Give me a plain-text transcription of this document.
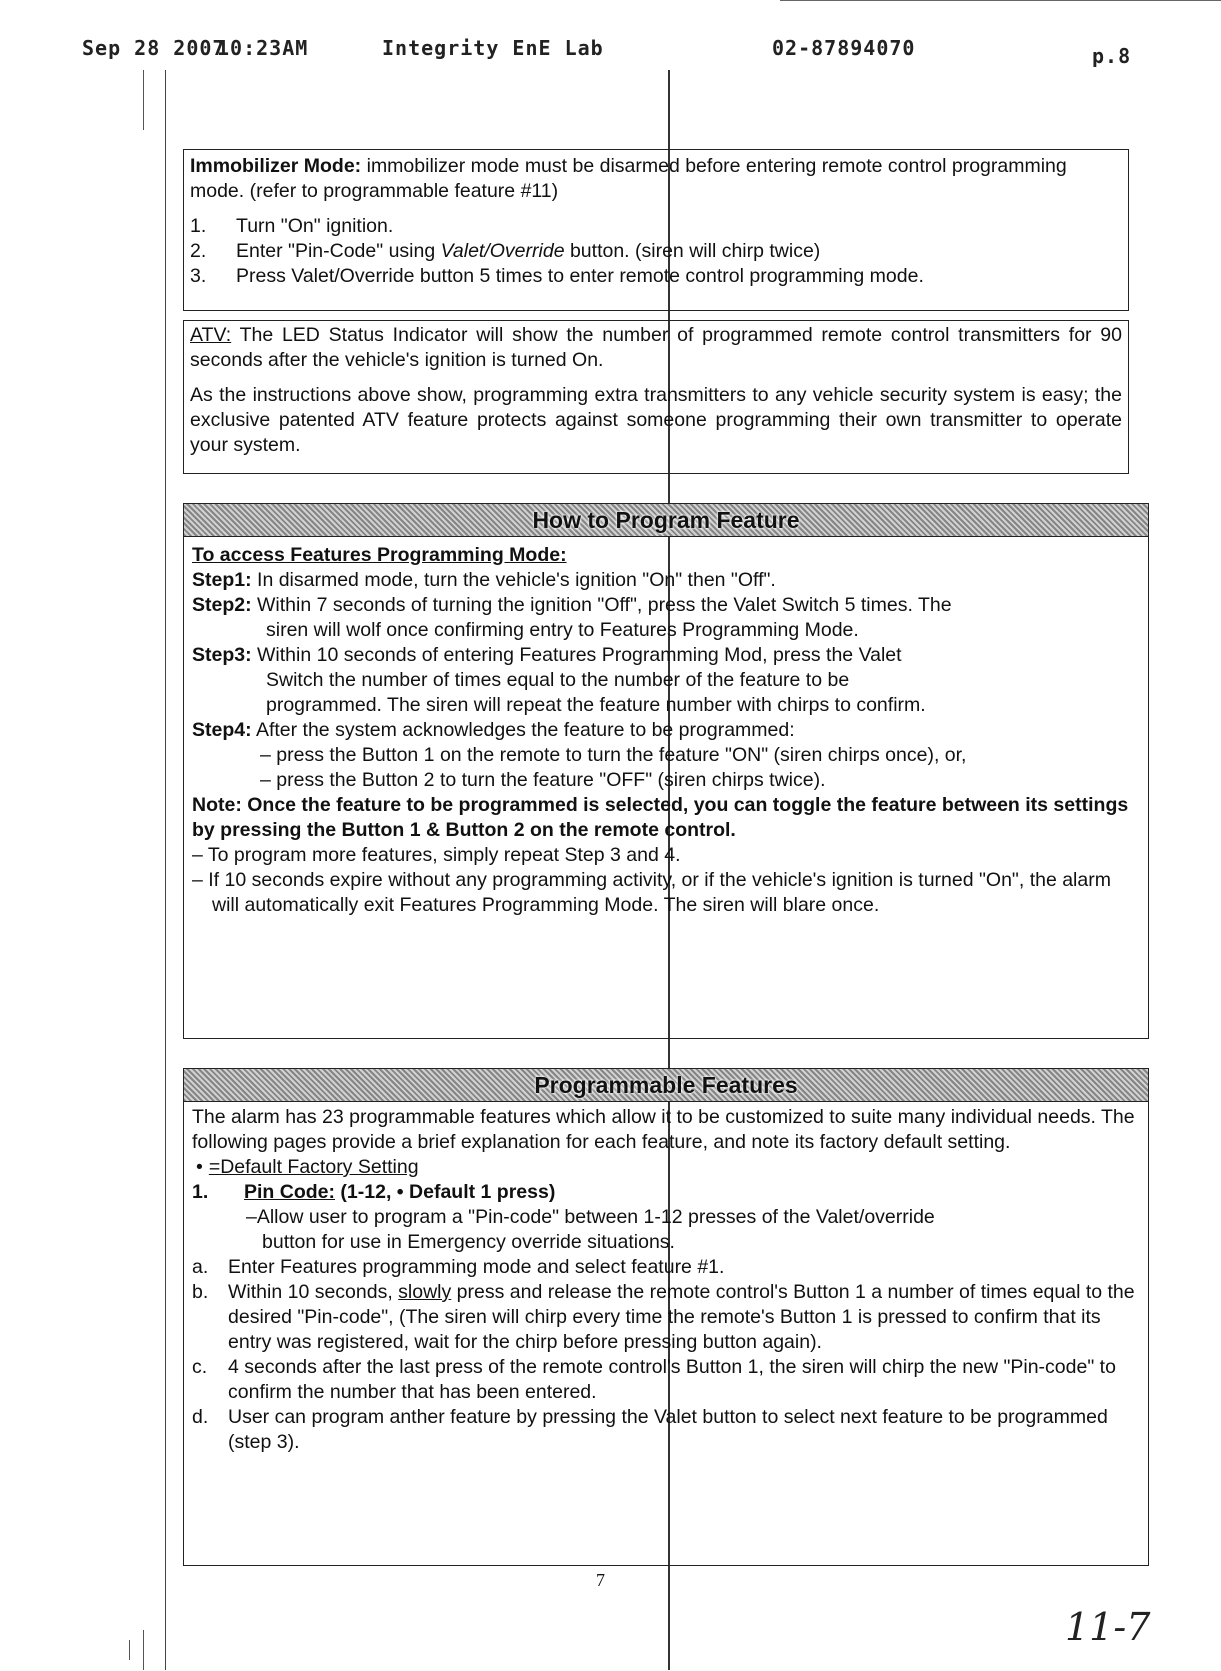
Sep 28 2007
10:23AM	Integrity EnE Lab	02-87894070	p.8

Immobilizer Mode: immobilizer mode must be disarmed before entering remote control programming mode. (refer to programmable feature #11)

1. Turn "On" ignition.
2. Enter "Pin-Code" using Valet/Override button. (siren will chirp twice)
3. Press Valet/Override button 5 times to enter remote control programming mode.

ATV: The LED Status Indicator will show the number of programmed remote control transmitters for 90 seconds after the vehicle's ignition is turned On.

As the instructions above show, programming extra transmitters to any vehicle security system is easy; the exclusive patented ATV feature protects against someone programming their own transmitter to operate your system.

How to Program Feature

To access Features Programming Mode:

Step1: In disarmed mode, turn the vehicle's ignition "On" then "Off".

Step2: Within 7 seconds of turning the ignition "Off", press the Valet Switch 5 times. The

siren will wolf once confirming entry to Features Programming Mode.

Step3: Within 10 seconds of entering Features Programming Mod, press the Valet

Switch the number of times equal to the number of the feature to be

programmed. The siren will repeat the feature number with chirps to confirm.

Step4: After the system acknowledges the feature to be programmed:

– press the Button 1 on the remote to turn the feature "ON" (siren chirps once), or,

– press the Button 2 to turn the feature "OFF" (siren chirps twice).

Note: Once the feature to be programmed is selected, you can toggle the feature between its settings by pressing the Button 1 & Button 2 on the remote control.

– To program more features, simply repeat Step 3 and 4.

– If 10 seconds expire without any programming activity, or if the vehicle's ignition is turned "On", the alarm will automatically exit Features Programming Mode. The siren will blare once.

Programmable Features

The alarm has 23 programmable features which allow it to be customized to suite many individual needs. The following pages provide a brief explanation for each feature, and note its factory default setting.

• =Default Factory Setting

1. Pin Code: (1-12, • Default 1 press)

–Allow user to program a "Pin-code" between 1-12 presses of the Valet/override

button for use in Emergency override situations.

a. Enter Features programming mode and select feature #1.

b. Within 10 seconds, slowly press and release the remote control's Button 1 a number of times equal to the desired "Pin-code", (The siren will chirp every time the remote's Button 1 is pressed to confirm that its entry was registered, wait for the chirp before pressing button again).

c. 4 seconds after the last press of the remote control's Button 1, the siren will chirp the new "Pin-code" to confirm the number that has been entered.

d. User can program anther feature by pressing the Valet button to select next feature to be programmed (step 3).

7
11-7
